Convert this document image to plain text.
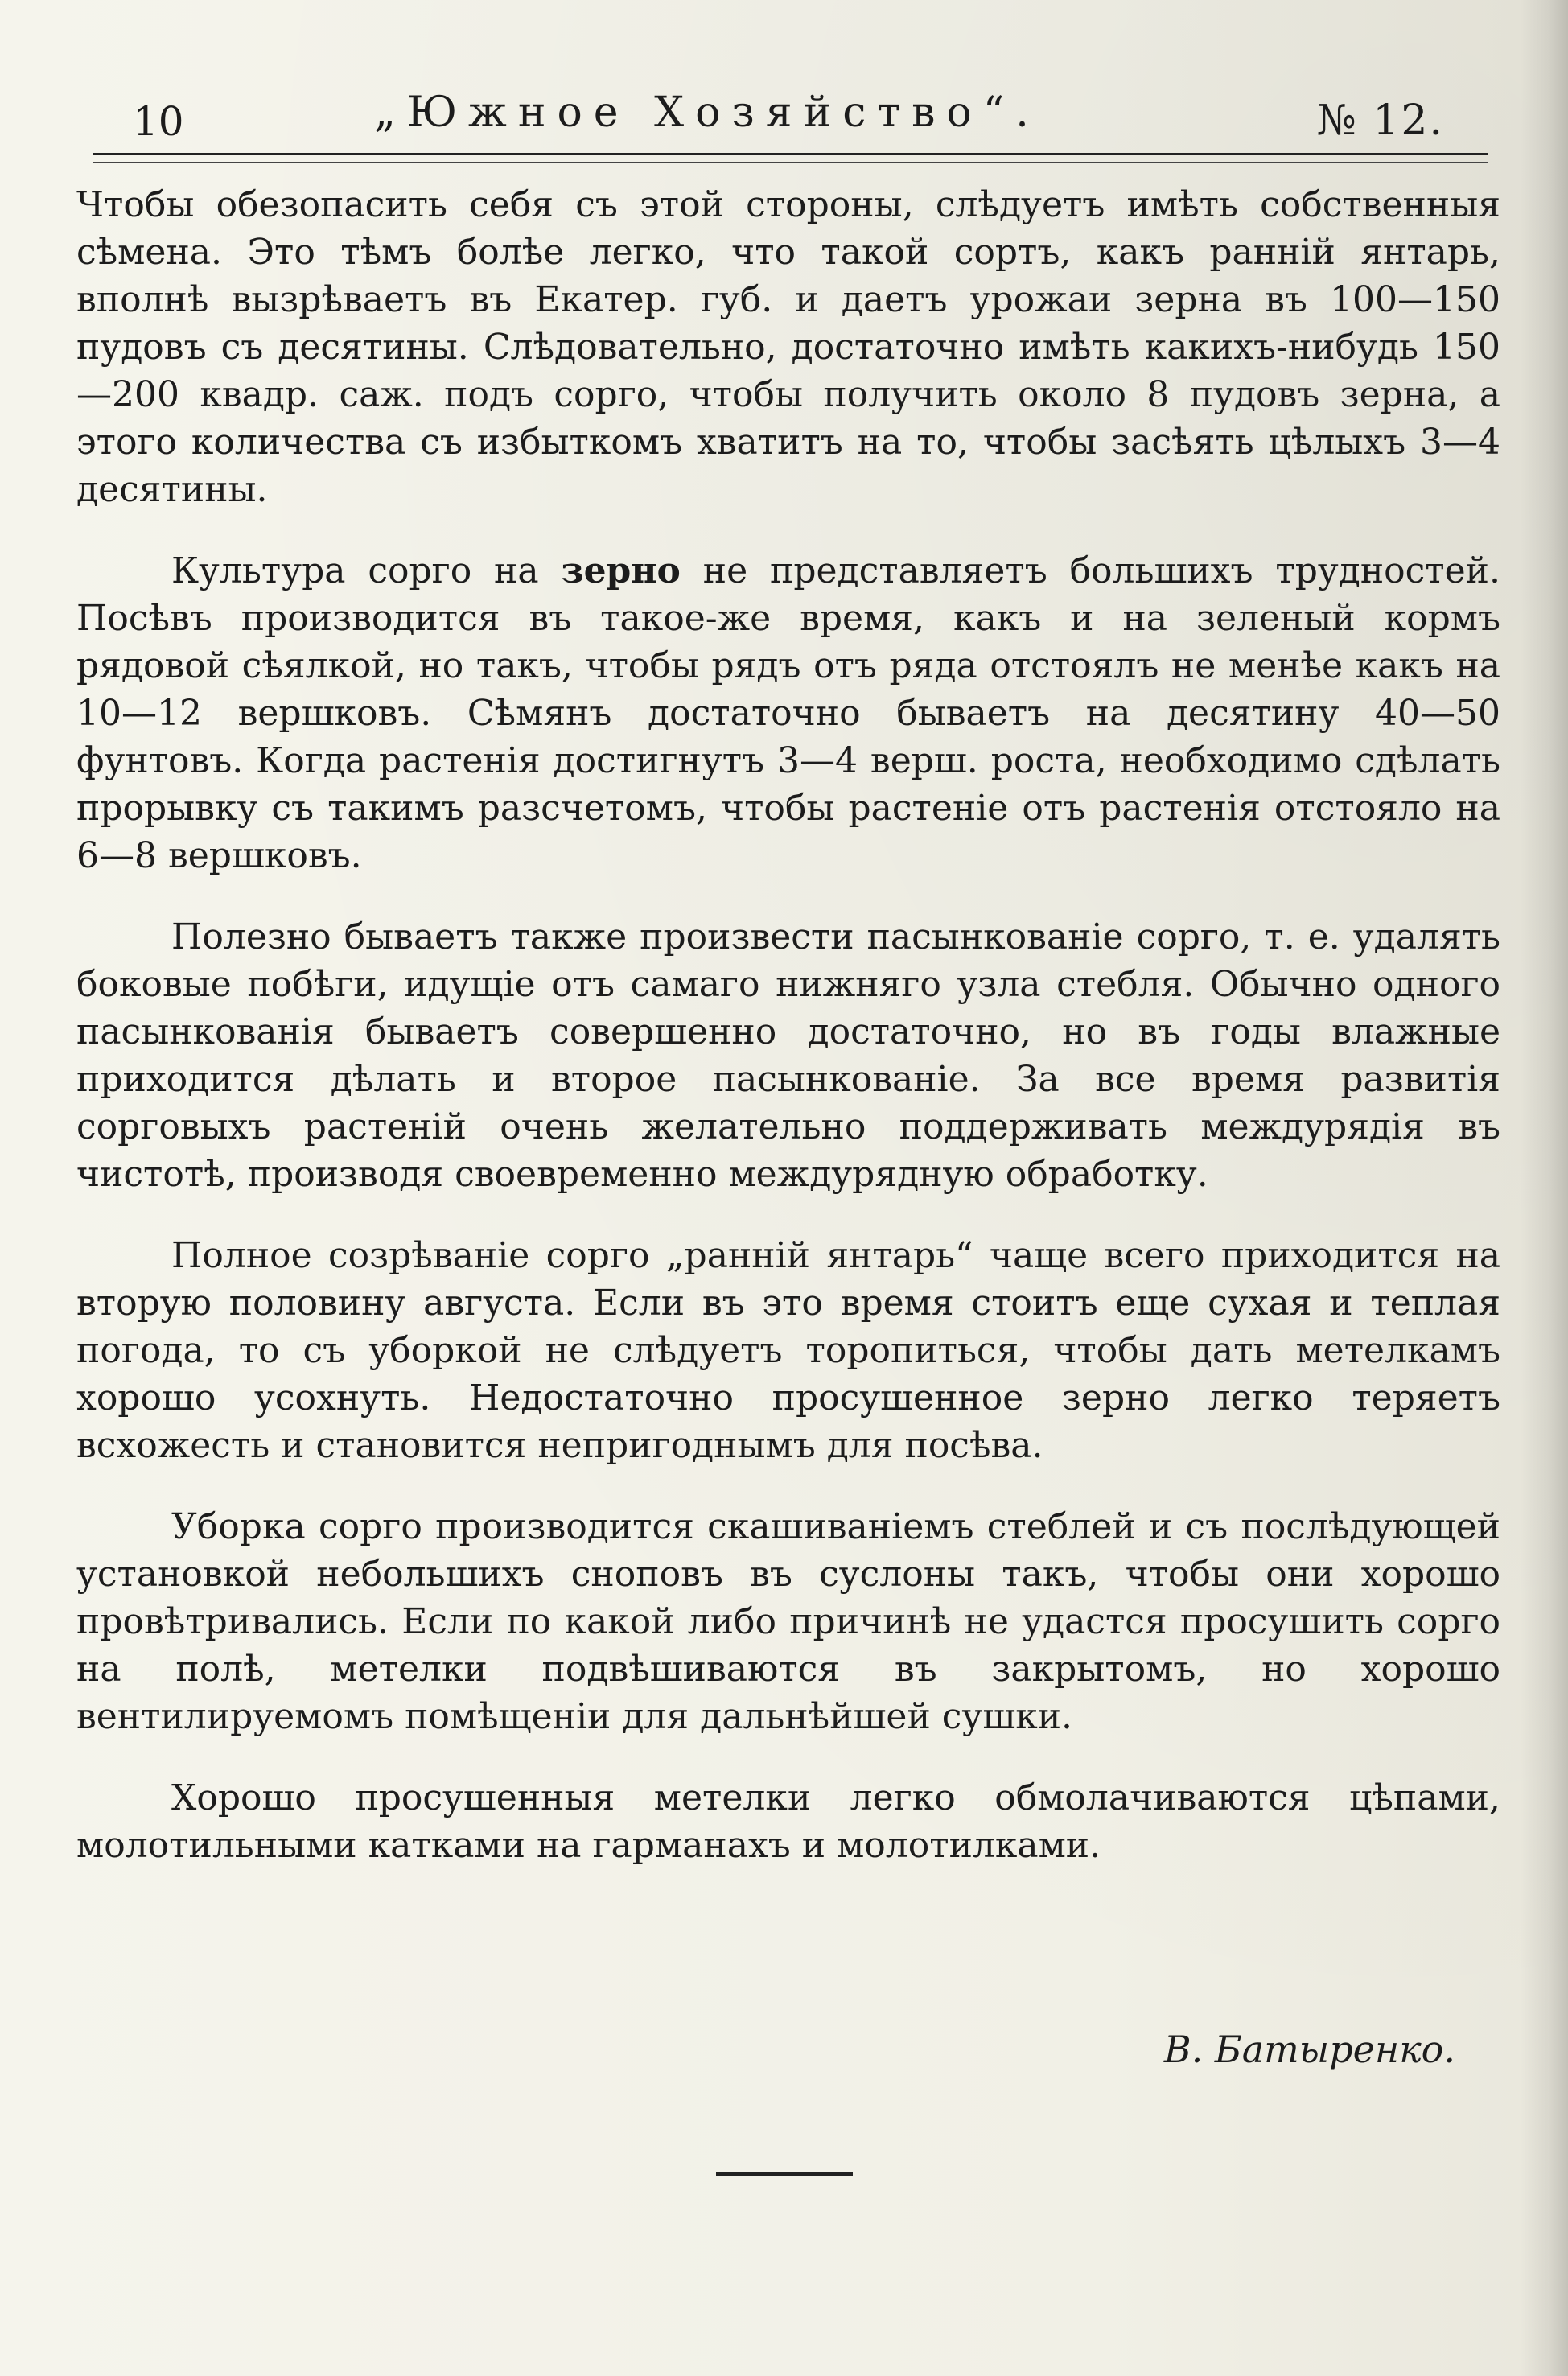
10	„Южное Хозяйство“.	№ 12.

Чтобы обезопасить себя съ этой стороны, слѣдуетъ имѣть собственныя сѣмена. Это тѣмъ болѣе легко, что такой сортъ, какъ ранній янтарь, вполнѣ вызрѣваетъ въ Екатер. губ. и даетъ урожаи зерна въ 100—150 пудовъ съ десятины. Слѣдовательно, достаточно имѣть какихъ-нибудь 150—200 квадр. саж. подъ сорго, чтобы получить около 8 пудовъ зерна, а этого количества съ избыткомъ хватитъ на то, чтобы засѣять цѣлыхъ 3—4 десятины.

Культура сорго на зерно не представляетъ большихъ трудностей. Посѣвъ производится въ такое-же время, какъ и на зеленый кормъ рядовой сѣялкой, но такъ, чтобы рядъ отъ ряда отстоялъ не менѣе какъ на 10—12 вершковъ. Сѣмянъ достаточно бываетъ на десятину 40—50 фунтовъ. Когда растенія достигнутъ 3—4 верш. роста, необходимо сдѣлать прорывку съ такимъ разсчетомъ, чтобы растеніе отъ растенія отстояло на 6—8 вершковъ.

Полезно бываетъ также произвести пасынкованіе сорго, т. е. удалять боковые побѣги, идущіе отъ самаго нижняго узла стебля. Обычно одного пасынкованія бываетъ совершенно достаточно, но въ годы влажные приходится дѣлать и второе пасынкованіе. За все время развитія сорговыхъ растеній очень желательно поддерживать междурядія въ чистотѣ, производя своевременно междурядную обработку.

Полное созрѣваніе сорго „ранній янтарь“ чаще всего приходится на вторую половину августа. Если въ это время стоитъ еще сухая и теплая погода, то съ уборкой не слѣдуетъ торопиться, чтобы дать метелкамъ хорошо усохнуть. Недостаточно просушенное зерно легко теряетъ всхожесть и становится непригоднымъ для посѣва.

Уборка сорго производится скашиваніемъ стеблей и съ послѣдующей установкой небольшихъ сноповъ въ суслоны такъ, чтобы они хорошо провѣтривались. Если по какой либо причинѣ не удастся просушить сорго на полѣ, метелки подвѣшиваются въ закрытомъ, но хорошо вентилируемомъ помѣщеніи для дальнѣйшей сушки.

Хорошо просушенныя метелки легко обмолачиваются цѣпами, молотильными катками на гарманахъ и молотилками.

В. Батыренко.
